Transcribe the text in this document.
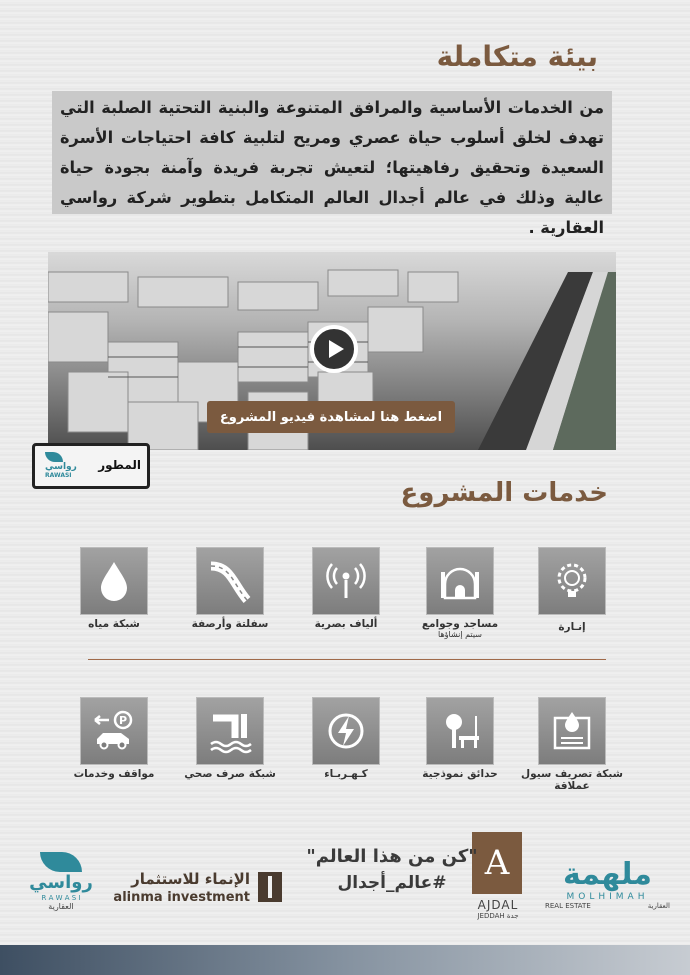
بيئة متكاملة
من الخدمات الأساسية والمرافق المتنوعة والبنية التحتية الصلبة التي تهدف لخلق أسلوب حياة عصري ومريح لتلبية كافة احتياجات الأسرة السعيدة وتحقيق رفاهيتها؛ لتعيش تجربة فريدة وآمنة بجودة حياة عالية وذلك في عالم أجدال العالم المتكامل بتطوير شركة رواسي العقارية .
اضغط هنا لمشاهدة فيديو المشروع
رواسي
RAWASI
المطور
خدمات المشروع
إنـارة
مساجد وجوامع
سيتم إنشاؤها
ألياف بصرية
سفلتة وأرصفة
شبكة مياه
P
شبكة تصريف سيول عملاقة
حدائق نموذجية
كـهـربـاء
شبكة صرف صحي
مواقف وخدمات
ملهمة
MOLHIMAH
REAL ESTATE	العقارية
A
AJDAL
JEDDAH جدة
"كن من هذا العالم"
#عالم_أجدال
الإنماء للاستثمار
alinma investment
رواسي
R A W A S I
العقارية
